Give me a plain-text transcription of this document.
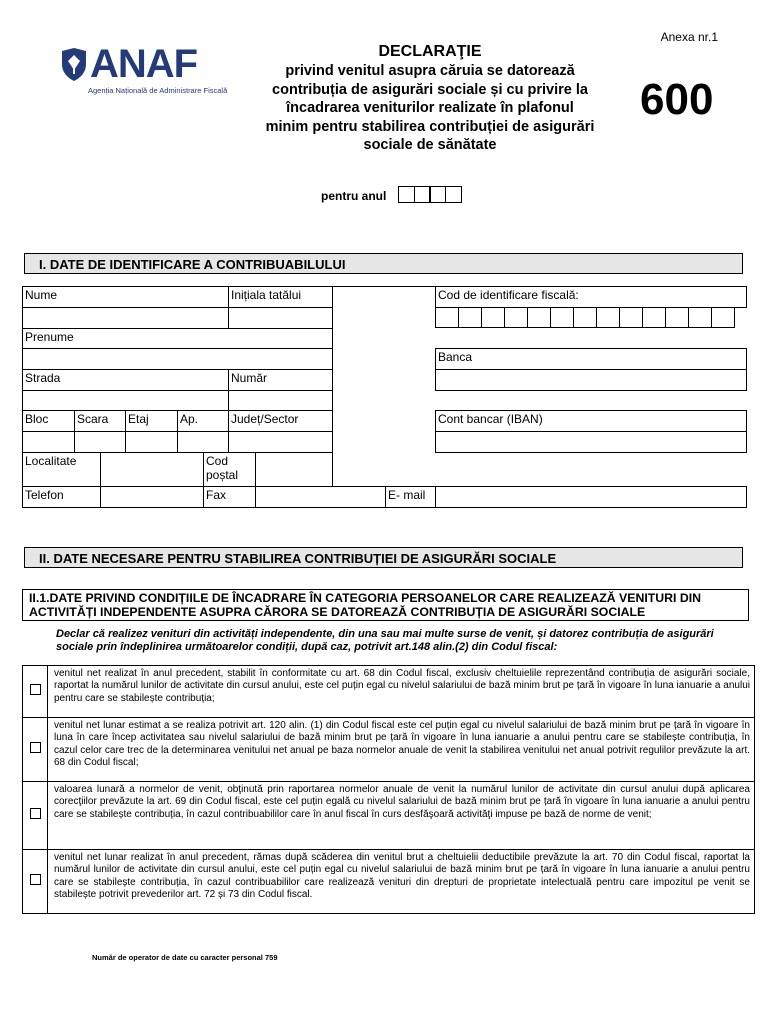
ANAF
Agenția Națională de Administrare Fiscală
Anexa nr.1
DECLARAŢIE
privind venitul asupra căruia se datorează
contribuția de asigurări sociale și cu privire la
încadrarea veniturilor realizate în plafonul
minim pentru stabilirea contribuției de asigurări
sociale de sănătate
600
pentru anul
I. DATE DE IDENTIFICARE A CONTRIBUABILULUI
Nume	Inițiala tatălui
Prenume
Strada	Număr
Bloc	Scara	Etaj	Ap.	Județ/Sector
Localitate	Cod
poștal
Cod de identificare fiscală:
Banca
Cont bancar (IBAN)
Telefon	Fax	E- mail
II. DATE NECESARE PENTRU STABILIREA CONTRIBUȚIEI DE ASIGURĂRI SOCIALE
II.1.DATE PRIVIND CONDIȚIILE DE ÎNCADRARE ÎN CATEGORIA PERSOANELOR CARE REALIZEAZĂ VENITURI DIN ACTIVITĂȚI INDEPENDENTE ASUPRA CĂRORA SE DATOREAZĂ CONTRIBUȚIA DE ASIGURĂRI SOCIALE
Declar că realizez venituri din activități independente, din una sau mai multe surse de venit, și datorez contribuția de asigurări sociale prin îndeplinirea următoarelor condiții, după caz, potrivit art.148 alin.(2) din Codul fiscal:
	venitul net realizat în anul precedent, stabilit în conformitate cu art. 68 din Codul fiscal, exclusiv cheltuielile reprezentând contribuția de asigurări sociale, raportat la numărul lunilor de activitate din cursul anului, este cel puțin egal cu nivelul salariului de bază minim brut pe țară în vigoare în luna ianuarie a anului pentru care se stabilește contribuția;
	venitul net lunar estimat a se realiza potrivit art. 120 alin. (1) din Codul fiscal este cel puțin egal cu nivelul salariului de bază minim brut pe țară în vigoare în luna în care încep activitatea sau nivelul salariului de bază minim brut pe țară în vigoare în luna ianuarie a anului pentru care se stabilește contribuția, în cazul celor care trec de la determinarea venitului net anual pe baza normelor anuale de venit la stabilirea venitului net anual potrivit regulilor prevăzute la art. 68 din Codul fiscal;
	valoarea lunară a normelor de venit, obţinută prin raportarea normelor anuale de venit la numărul lunilor de activitate din cursul anului după aplicarea corecţiilor prevăzute la art. 69 din Codul fiscal, este cel puțin egală cu nivelul salariului de bază minim brut pe țară în vigoare în luna ianuarie a anului pentru care se stabilește contribuția, în cazul contribuabililor care în anul fiscal în curs desfăşoară activităţi impuse pe bază de norme de venit;
	venitul net lunar realizat în anul precedent, rămas după scăderea din venitul brut a cheltuielii deductibile prevăzute la art. 70 din Codul fiscal, raportat la numărul lunilor de activitate din cursul anului, este cel puțin egal cu nivelul salariului de bază minim brut pe țară în vigoare în luna ianuarie a anului pentru care se stabilește contribuția, în cazul contribuabililor care realizează venituri din drepturi de proprietate intelectuală pentru care impozitul pe venit se stabilește potrivit prevederilor art. 72 și 73 din Codul fiscal.
Număr de operator de date cu caracter personal 759
